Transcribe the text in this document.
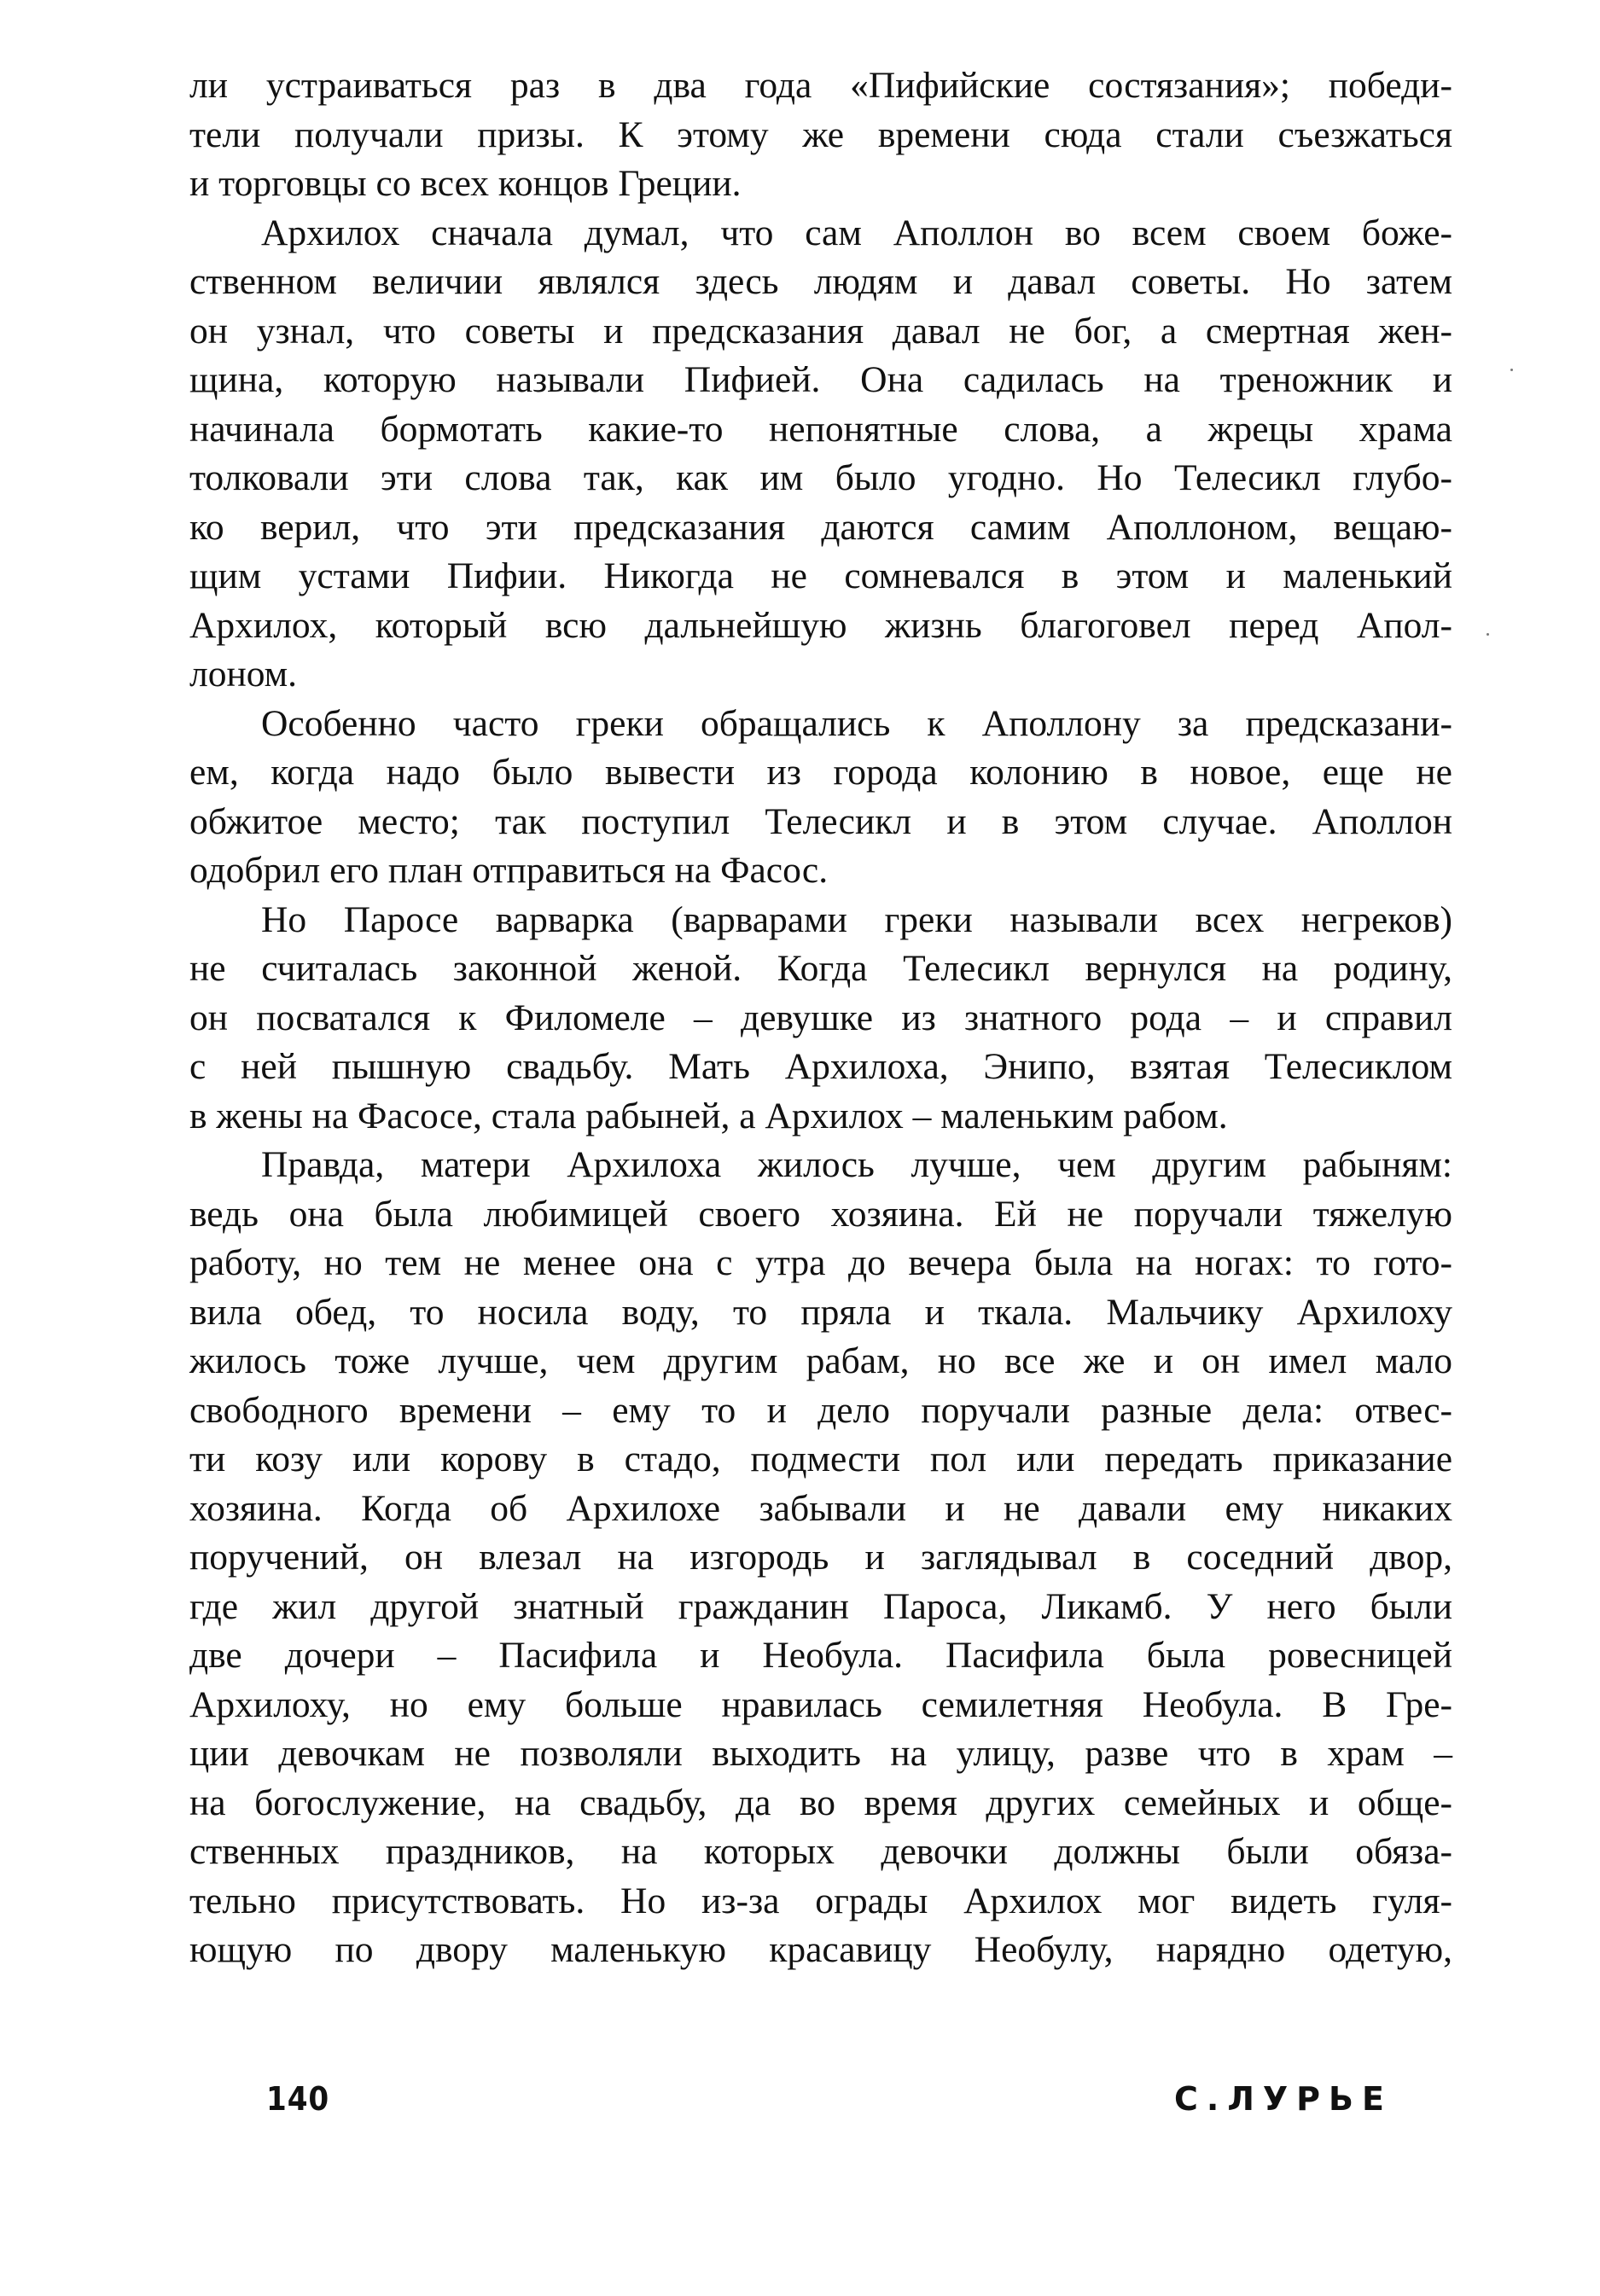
ли устраиваться раз в два года «Пифийские состязания»; победи-
тели получали призы. К этому же времени сюда стали съезжаться
и торговцы со всех концов Греции.
Архилох сначала думал, что сам Аполлон во всем своем боже-
ственном величии являлся здесь людям и давал советы. Но затем
он узнал, что советы и предсказания давал не бог, а смертная жен-
щина, которую называли Пифией. Она садилась на треножник и
начинала бормотать какие-то непонятные слова, а жрецы храма
толковали эти слова так, как им было угодно. Но Телесикл глубо-
ко верил, что эти предсказания даются самим Аполлоном, вещаю-
щим устами Пифии. Никогда не сомневался в этом и маленький
Архилох, который всю дальнейшую жизнь благоговел перед Апол-
лоном.
Особенно часто греки обращались к Аполлону за предсказани-
ем, когда надо было вывести из города колонию в новое, еще не
обжитое место; так поступил Телесикл и в этом случае. Аполлон
одобрил его план отправиться на Фасос.
Но Паросе варварка (варварами греки называли всех негреков)
не считалась законной женой. Когда Телесикл вернулся на родину,
он посватался к Филомеле – девушке из знатного рода – и справил
с ней пышную свадьбу. Мать Архилоха, Энипо, взятая Телесиклом
в жены на Фасосе, стала рабыней, а Архилох – маленьким рабом.
Правда, матери Архилоха жилось лучше, чем другим рабыням:
ведь она была любимицей своего хозяина. Ей не поручали тяжелую
работу, но тем не менее она с утра до вечера была на ногах: то гото-
вила обед, то носила воду, то пряла и ткала. Мальчику Архилоху
жилось тоже лучше, чем другим рабам, но все же и он имел мало
свободного времени – ему то и дело поручали разные дела: отвес-
ти козу или корову в стадо, подмести пол или передать приказание
хозяина. Когда об Архилохе забывали и не давали ему никаких
поручений, он влезал на изгородь и заглядывал в соседний двор,
где жил другой знатный гражданин Пароса, Ликамб. У него были
две дочери – Пасифила и Необула. Пасифила была ровесницей
Архилоху, но ему больше нравилась семилетняя Необула. В Гре-
ции девочкам не позволяли выходить на улицу, разве что в храм –
на богослужение, на свадьбу, да во время других семейных и обще-
ственных праздников, на которых девочки должны были обяза-
тельно присутствовать. Но из-за ограды Архилох мог видеть гуля-
ющую по двору маленькую красавицу Необулу, нарядно одетую,
140	С.ЛУРЬЕ
